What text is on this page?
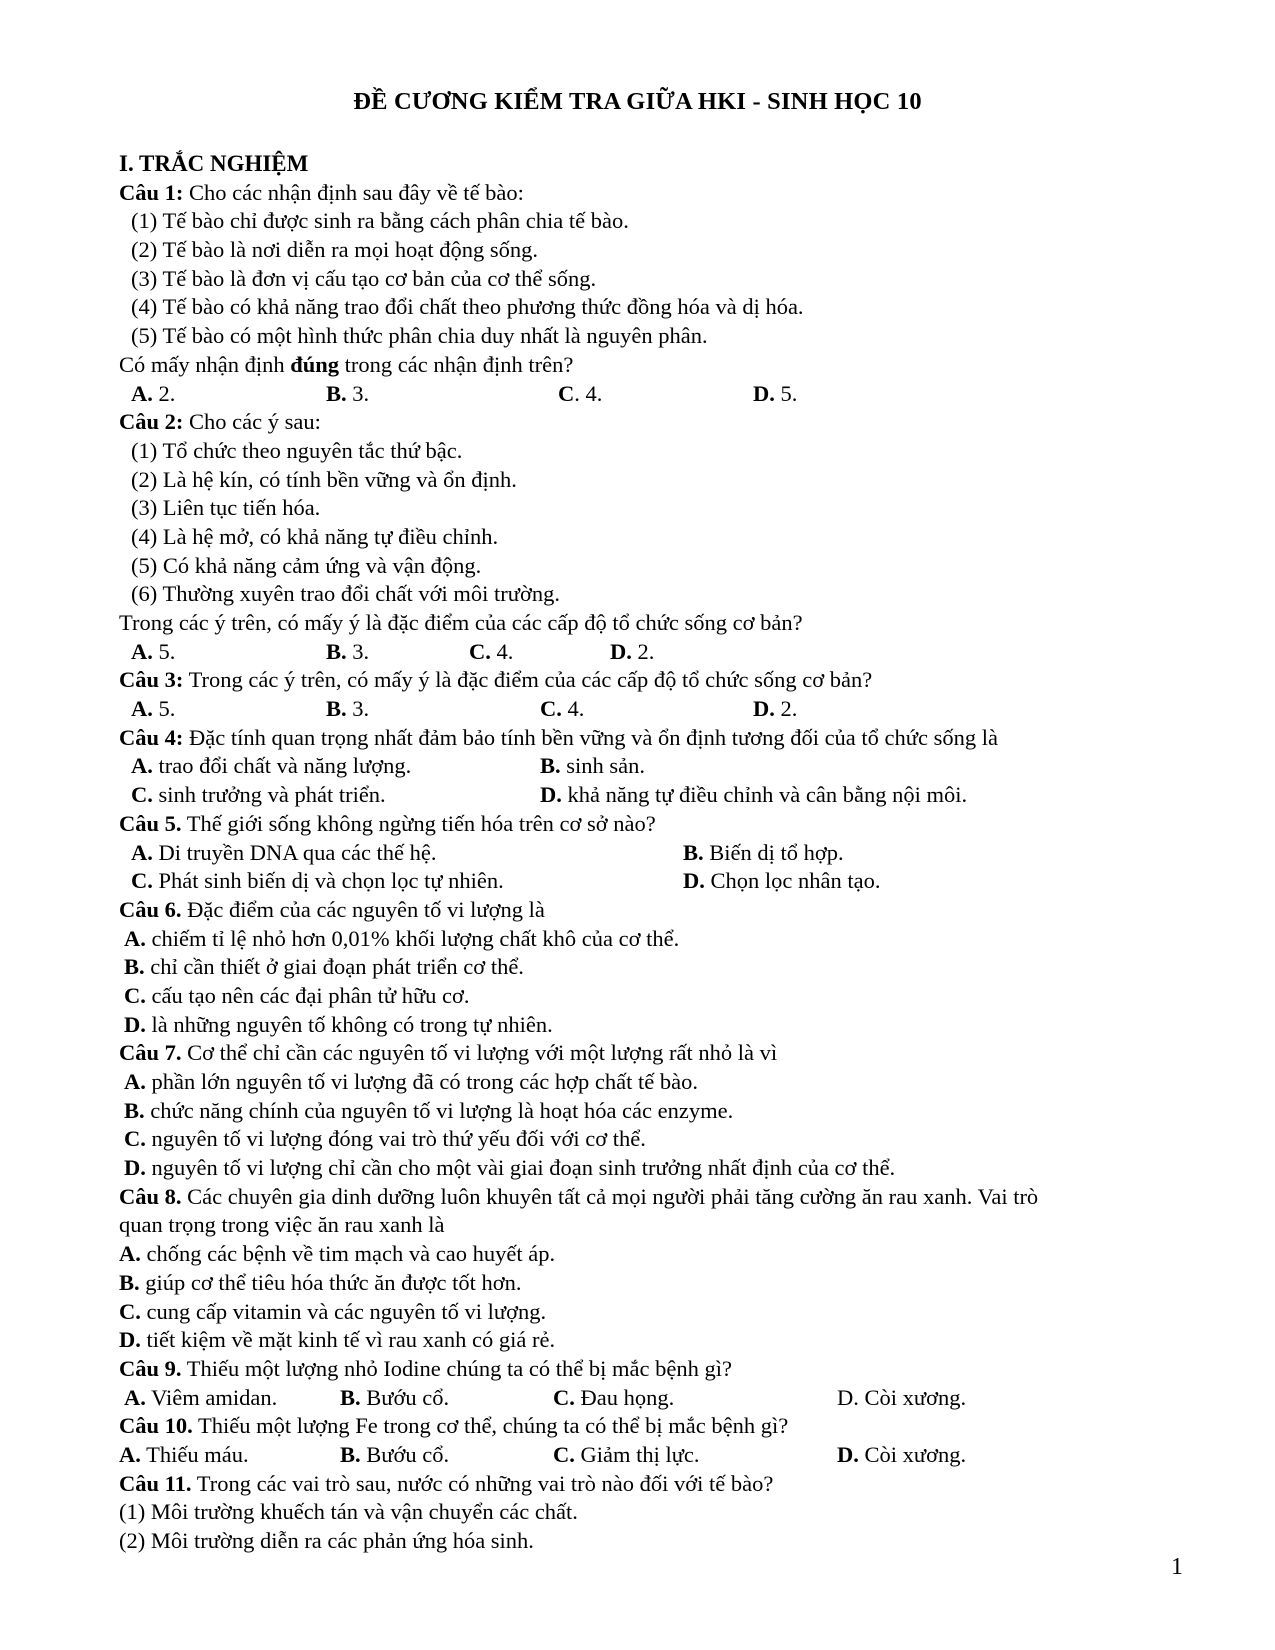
ĐỀ CƯƠNG KIỂM TRA GIỮA HKI - SINH HỌC 10
I. TRẮC NGHIỆM
Câu 1: Cho các nhận định sau đây về tế bào:
(1) Tế bào chỉ được sinh ra bằng cách phân chia tế bào.
(2) Tế bào là nơi diễn ra mọi hoạt động sống.
(3) Tế bào là đơn vị cấu tạo cơ bản của cơ thể sống.
(4) Tế bào có khả năng trao đổi chất theo phương thức đồng hóa và dị hóa.
(5) Tế bào có một hình thức phân chia duy nhất là nguyên phân.
Có mấy nhận định đúng trong các nhận định trên?
A. 2.	B. 3.	C. 4.	D. 5.
Câu 2: Cho các ý sau:
(1) Tổ chức theo nguyên tắc thứ bậc.
(2) Là hệ kín, có tính bền vững và ổn định.
(3) Liên tục tiến hóa.
(4) Là hệ mở, có khả năng tự điều chỉnh.
(5) Có khả năng cảm ứng và vận động.
(6) Thường xuyên trao đổi chất với môi trường.
Trong các ý trên, có mấy ý là đặc điểm của các cấp độ tổ chức sống cơ bản?
A. 5.	B. 3.	C. 4.	D. 2.
Câu 3: Trong các ý trên, có mấy ý là đặc điểm của các cấp độ tổ chức sống cơ bản?
A. 5.	B. 3.	C. 4.	D. 2.
Câu 4: Đặc tính quan trọng nhất đảm bảo tính bền vững và ổn định tương đối của tổ chức sống là
A. trao đổi chất và năng lượng.	B. sinh sản.
C. sinh trưởng và phát triển.	D. khả năng tự điều chỉnh và cân bằng nội môi.
Câu 5. Thế giới sống không ngừng tiến hóa trên cơ sở nào?
A. Di truyền DNA qua các thế hệ.	B. Biến dị tổ hợp.
C. Phát sinh biến dị và chọn lọc tự nhiên.	D. Chọn lọc nhân tạo.
Câu 6. Đặc điểm của các nguyên tố vi lượng là
A. chiếm tỉ lệ nhỏ hơn 0,01% khối lượng chất khô của cơ thể.
B. chỉ cần thiết ở giai đoạn phát triển cơ thể.
C. cấu tạo nên các đại phân tử hữu cơ.
D. là những nguyên tố không có trong tự nhiên.
Câu 7. Cơ thể chỉ cần các nguyên tố vi lượng với một lượng rất nhỏ là vì
A. phần lớn nguyên tố vi lượng đã có trong các hợp chất tế bào.
B. chức năng chính của nguyên tố vi lượng là hoạt hóa các enzyme.
C. nguyên tố vi lượng đóng vai trò thứ yếu đối với cơ thể.
D. nguyên tố vi lượng chỉ cần cho một vài giai đoạn sinh trưởng nhất định của cơ thể.
Câu 8. Các chuyên gia dinh dưỡng luôn khuyên tất cả mọi người phải tăng cường ăn rau xanh. Vai trò
quan trọng trong việc ăn rau xanh là
A. chống các bệnh về tim mạch và cao huyết áp.
B. giúp cơ thể tiêu hóa thức ăn được tốt hơn.
C. cung cấp vitamin và các nguyên tố vi lượng.
D. tiết kiệm về mặt kinh tế vì rau xanh có giá rẻ.
Câu 9. Thiếu một lượng nhỏ Iodine chúng ta có thể bị mắc bệnh gì?
A. Viêm amidan.	B. Bướu cổ.	C. Đau họng.	D. Còi xương.
Câu 10. Thiếu một lượng Fe trong cơ thể, chúng ta có thể bị mắc bệnh gì?
A. Thiếu máu.	B. Bướu cổ.	C. Giảm thị lực.	D. Còi xương.
Câu 11. Trong các vai trò sau, nước có những vai trò nào đối với tế bào?
(1) Môi trường khuếch tán và vận chuyển các chất.
(2) Môi trường diễn ra các phản ứng hóa sinh.
1
